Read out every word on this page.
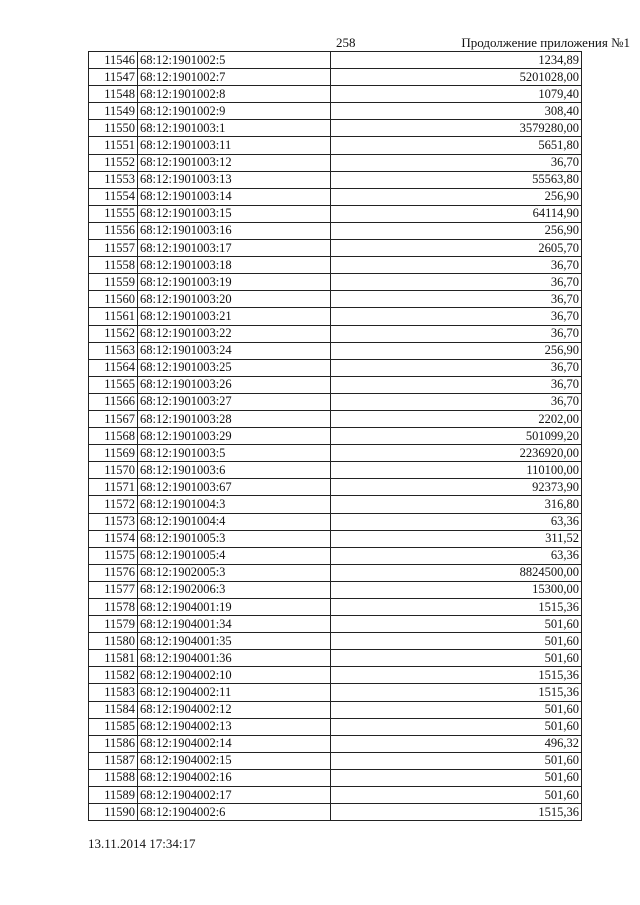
258	Продолжение приложения №1
11546	68:12:1901002:5	1234,89
11547	68:12:1901002:7	5201028,00
11548	68:12:1901002:8	1079,40
11549	68:12:1901002:9	308,40
11550	68:12:1901003:1	3579280,00
11551	68:12:1901003:11	5651,80
11552	68:12:1901003:12	36,70
11553	68:12:1901003:13	55563,80
11554	68:12:1901003:14	256,90
11555	68:12:1901003:15	64114,90
11556	68:12:1901003:16	256,90
11557	68:12:1901003:17	2605,70
11558	68:12:1901003:18	36,70
11559	68:12:1901003:19	36,70
11560	68:12:1901003:20	36,70
11561	68:12:1901003:21	36,70
11562	68:12:1901003:22	36,70
11563	68:12:1901003:24	256,90
11564	68:12:1901003:25	36,70
11565	68:12:1901003:26	36,70
11566	68:12:1901003:27	36,70
11567	68:12:1901003:28	2202,00
11568	68:12:1901003:29	501099,20
11569	68:12:1901003:5	2236920,00
11570	68:12:1901003:6	110100,00
11571	68:12:1901003:67	92373,90
11572	68:12:1901004:3	316,80
11573	68:12:1901004:4	63,36
11574	68:12:1901005:3	311,52
11575	68:12:1901005:4	63,36
11576	68:12:1902005:3	8824500,00
11577	68:12:1902006:3	15300,00
11578	68:12:1904001:19	1515,36
11579	68:12:1904001:34	501,60
11580	68:12:1904001:35	501,60
11581	68:12:1904001:36	501,60
11582	68:12:1904002:10	1515,36
11583	68:12:1904002:11	1515,36
11584	68:12:1904002:12	501,60
11585	68:12:1904002:13	501,60
11586	68:12:1904002:14	496,32
11587	68:12:1904002:15	501,60
11588	68:12:1904002:16	501,60
11589	68:12:1904002:17	501,60
11590	68:12:1904002:6	1515,36
13.11.2014 17:34:17
